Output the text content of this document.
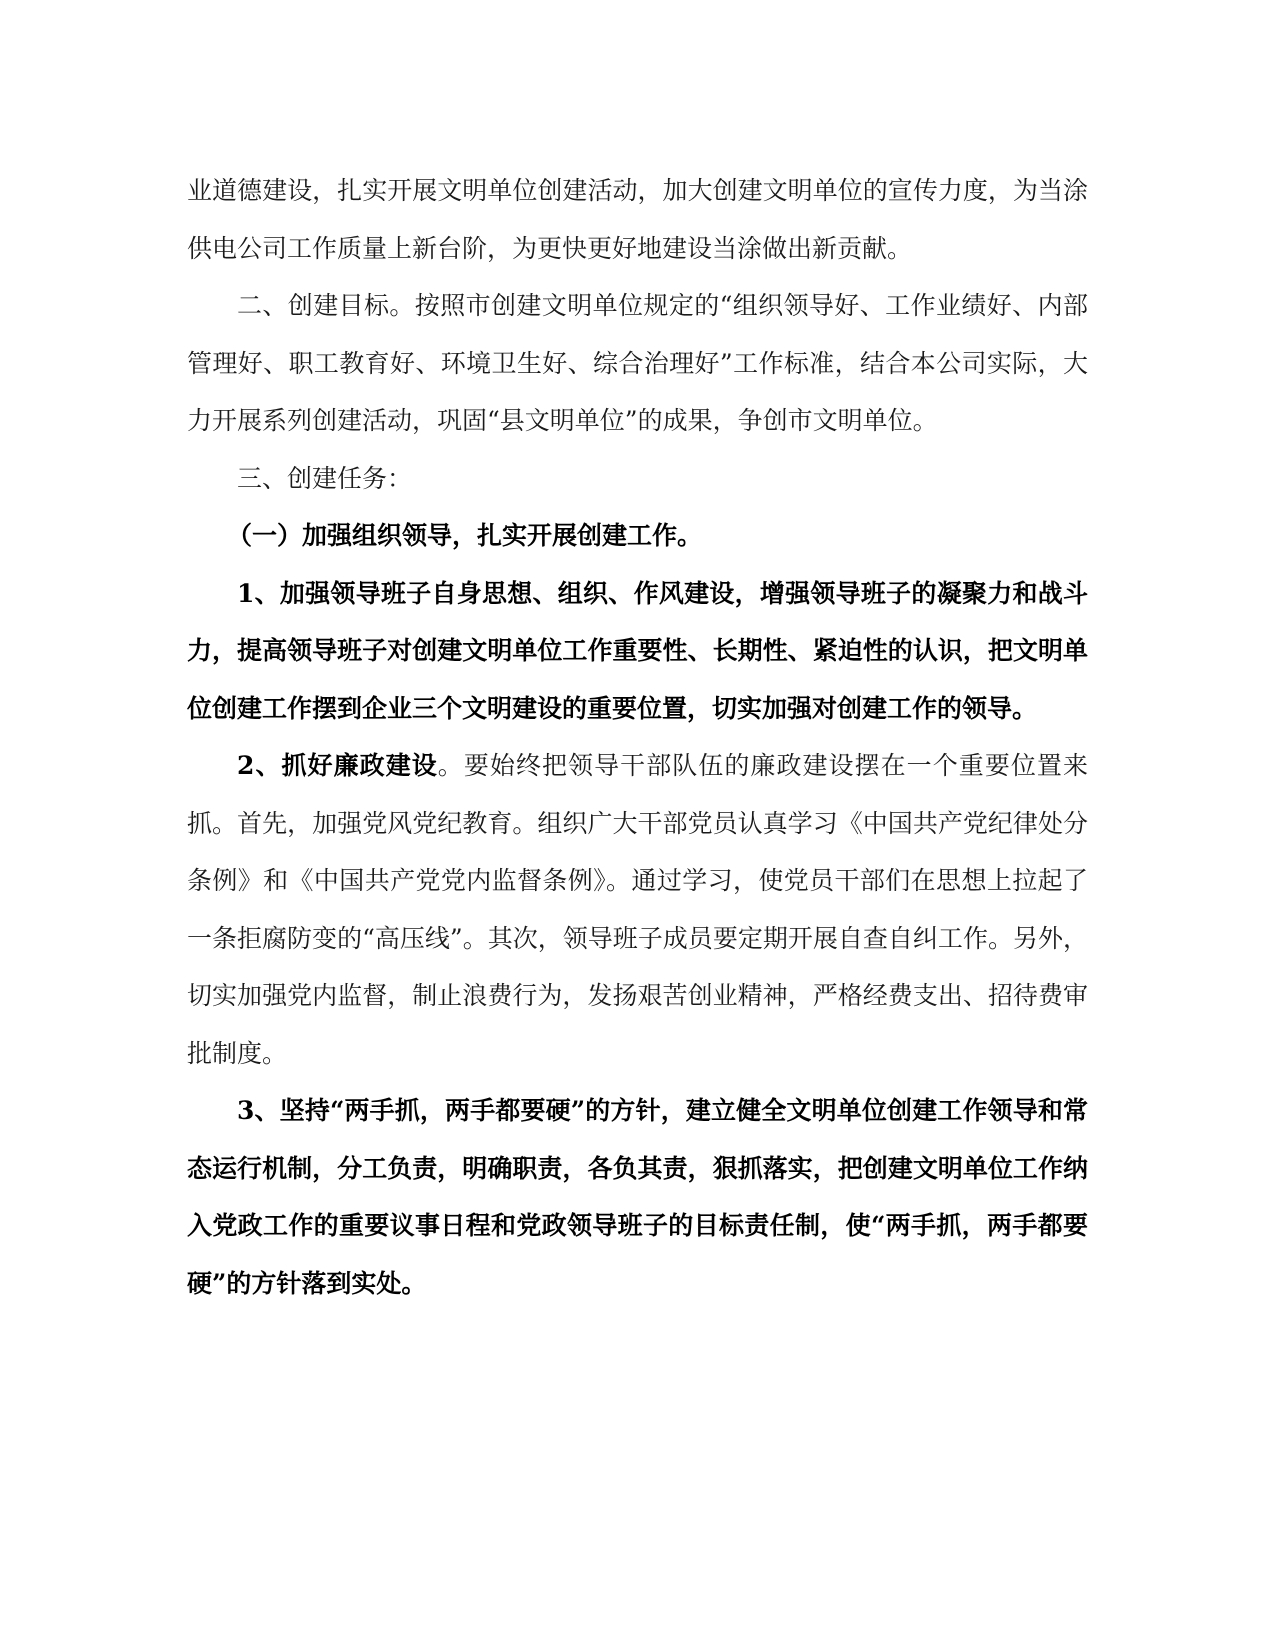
业道德建设，扎实开展文明单位创建活动，加大创建文明单位的宣传力度，为当涂供电公司工作质量上新台阶，为更快更好地建设当涂做出新贡献。

二、创建目标。按照市创建文明单位规定的“组织领导好、工作业绩好、内部管理好、职工教育好、环境卫生好、综合治理好”工作标准，结合本公司实际，大力开展系列创建活动，巩固“县文明单位”的成果，争创市文明单位。

三、创建任务：

（一）加强组织领导，扎实开展创建工作。

1、加强领导班子自身思想、组织、作风建设，增强领导班子的凝聚力和战斗力，提高领导班子对创建文明单位工作重要性、长期性、紧迫性的认识，把文明单位创建工作摆到企业三个文明建设的重要位置，切实加强对创建工作的领导。

2、抓好廉政建设。要始终把领导干部队伍的廉政建设摆在一个重要位置来抓。首先，加强党风党纪教育。组织广大干部党员认真学习《中国共产党纪律处分条例》和《中国共产党党内监督条例》。通过学习，使党员干部们在思想上拉起了一条拒腐防变的“高压线”。其次，领导班子成员要定期开展自查自纠工作。另外，切实加强党内监督，制止浪费行为，发扬艰苦创业精神，严格经费支出、招待费审批制度。

3、坚持“两手抓，两手都要硬”的方针，建立健全文明单位创建工作领导和常态运行机制，分工负责，明确职责，各负其责，狠抓落实，把创建文明单位工作纳入党政工作的重要议事日程和党政领导班子的目标责任制，使“两手抓，两手都要硬”的方针落到实处。
